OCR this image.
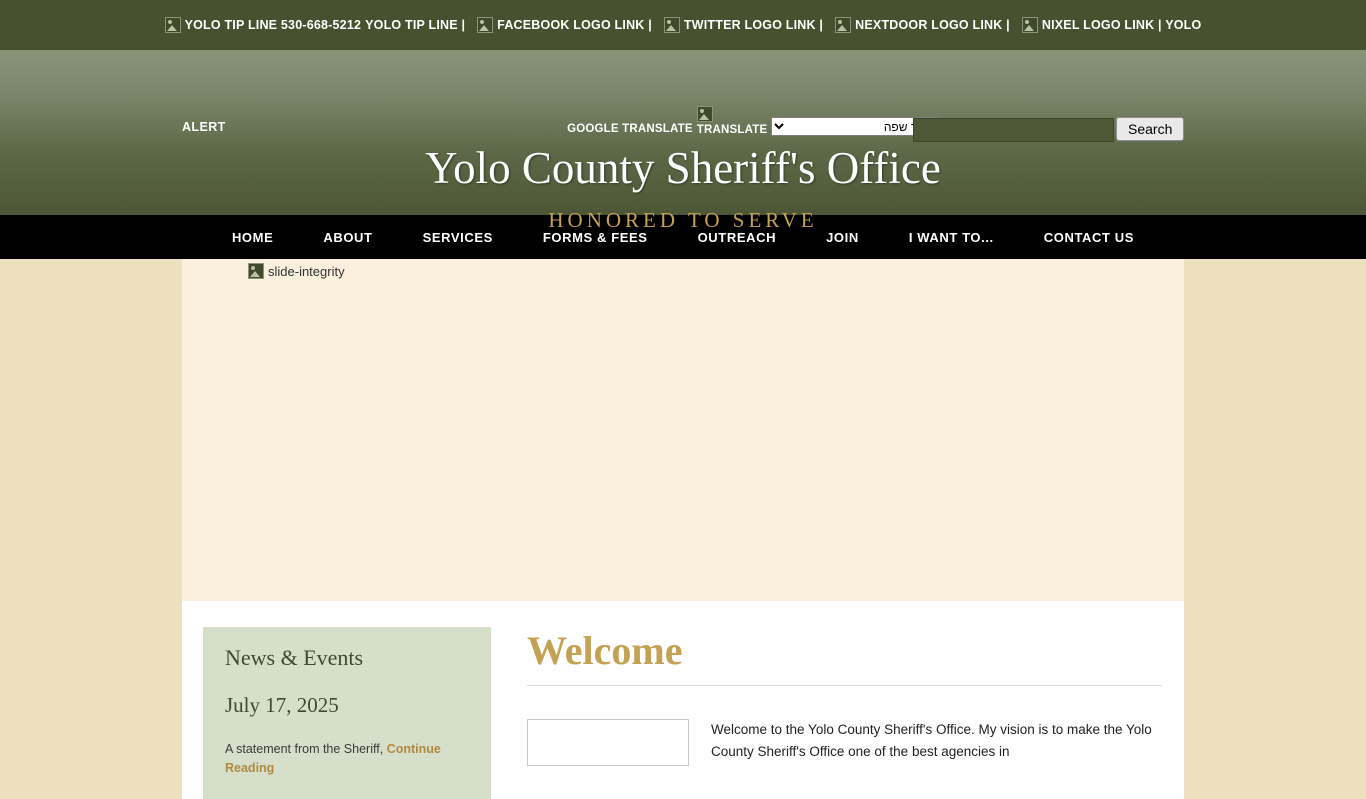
YOLO TIP LINE 530-668-5212 YOLO TIP LINE |	FACEBOOK LOGO LINK |	TWITTER LOGO LINK |	NEXTDOOR LOGO LINK |	NIXEL LOGO LINK | YOLO
ALERT	Powered by GOOGLE TRANSLATE TRANSLATE
בחר שפה	Search
Yolo County Sheriff's Office
HONORED TO SERVE
HOME	ABOUT	SERVICES	FORMS & FEES	OUTREACH	JOIN	I WANT TO...	CONTACT US
slide-integrity
News & Events
July 17, 2025
A statement from the Sheriff, Continue Reading
Welcome
Welcome to the Yolo County Sheriff's Office. My vision is to make the Yolo County Sheriff's Office one of the best agencies in
